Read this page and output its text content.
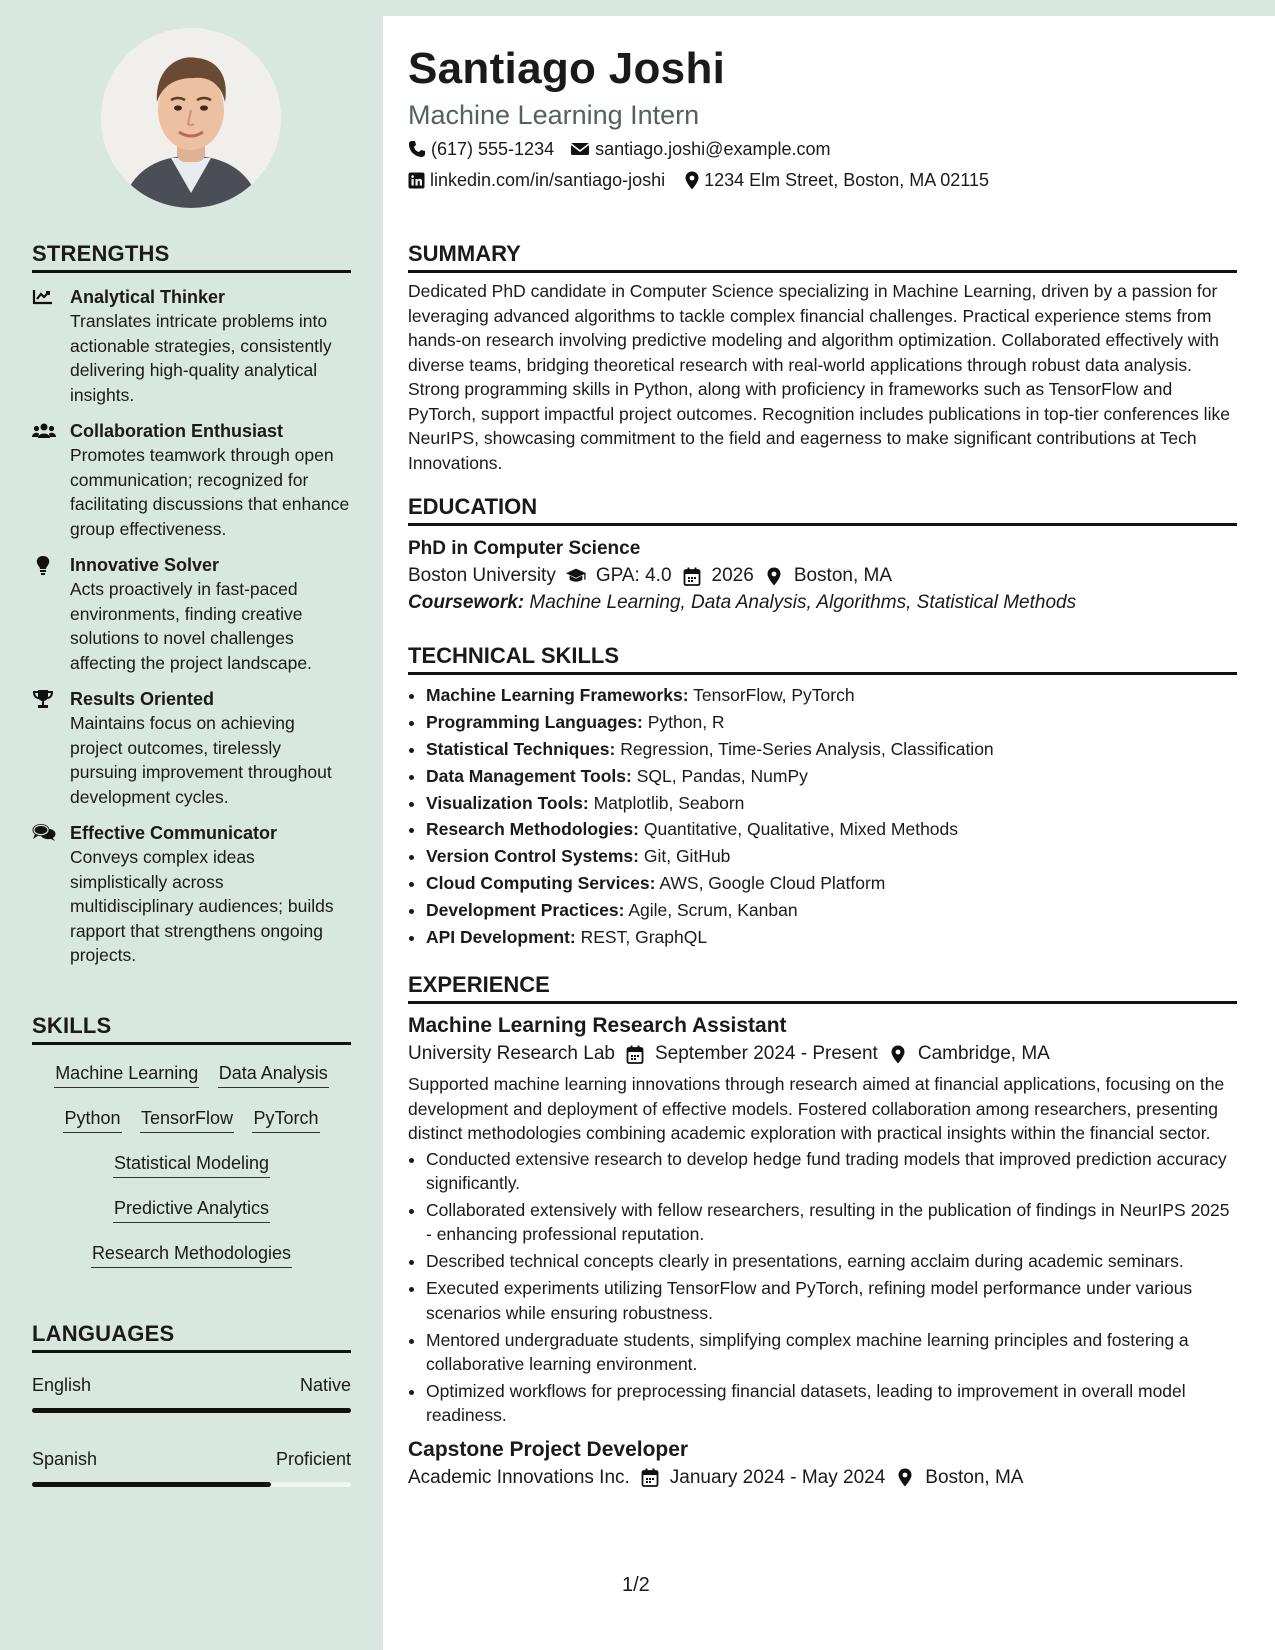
STRENGTHS
Analytical Thinker
Translates intricate problems into actionable strategies, consistently delivering high-quality analytical insights.
Collaboration Enthusiast
Promotes teamwork through open communication; recognized for facilitating discussions that enhance group effectiveness.
Innovative Solver
Acts proactively in fast-paced environments, finding creative solutions to novel challenges affecting the project landscape.
Results Oriented
Maintains focus on achieving project outcomes, tirelessly pursuing improvement throughout development cycles.
Effective Communicator
Conveys complex ideas simplistically across multidisciplinary audiences; builds rapport that strengthens ongoing projects.
SKILLS
Machine Learning Data Analysis
Python TensorFlow PyTorch
Statistical Modeling
Predictive Analytics
Research Methodologies
LANGUAGES
English	Native
Spanish	Proficient
Santiago Joshi
Machine Learning Intern
(617) 555-1234 santiago.joshi@example.com
linkedin.com/in/santiago-joshi 1234 Elm Street, Boston, MA 02115
SUMMARY

Dedicated PhD candidate in Computer Science specializing in Machine Learning, driven by a passion for leveraging advanced algorithms to tackle complex financial challenges. Practical experience stems from hands-on research involving predictive modeling and algorithm optimization. Collaborated effectively with diverse teams, bridging theoretical research with real-world applications through robust data analysis. Strong programming skills in Python, along with proficiency in frameworks such as TensorFlow and PyTorch, support impactful project outcomes. Recognition includes publications in top-tier conferences like NeurIPS, showcasing commitment to the field and eagerness to make significant contributions at Tech Innovations.

EDUCATION
PhD in Computer Science
Boston University GPA: 4.0 2026 Boston, MA
Coursework: Machine Learning, Data Analysis, Algorithms, Statistical Methods
TECHNICAL SKILLS
• Machine Learning Frameworks: TensorFlow, PyTorch
• Programming Languages: Python, R
• Statistical Techniques: Regression, Time-Series Analysis, Classification
• Data Management Tools: SQL, Pandas, NumPy
• Visualization Tools: Matplotlib, Seaborn
• Research Methodologies: Quantitative, Qualitative, Mixed Methods
• Version Control Systems: Git, GitHub
• Cloud Computing Services: AWS, Google Cloud Platform
• Development Practices: Agile, Scrum, Kanban
• API Development: REST, GraphQL
EXPERIENCE
Machine Learning Research Assistant
University Research Lab September 2024 - Present Cambridge, MA

Supported machine learning innovations through research aimed at financial applications, focusing on the development and deployment of effective models. Fostered collaboration among researchers, presenting distinct methodologies combining academic exploration with practical insights within the financial sector.

• Conducted extensive research to develop hedge fund trading models that improved prediction accuracy significantly.
• Collaborated extensively with fellow researchers, resulting in the publication of findings in NeurIPS 2025 - enhancing professional reputation.
• Described technical concepts clearly in presentations, earning acclaim during academic seminars.
• Executed experiments utilizing TensorFlow and PyTorch, refining model performance under various scenarios while ensuring robustness.
• Mentored undergraduate students, simplifying complex machine learning principles and fostering a collaborative learning environment.
• Optimized workflows for preprocessing financial datasets, leading to improvement in overall model readiness.
Capstone Project Developer
Academic Innovations Inc. January 2024 - May 2024 Boston, MA
1/2
